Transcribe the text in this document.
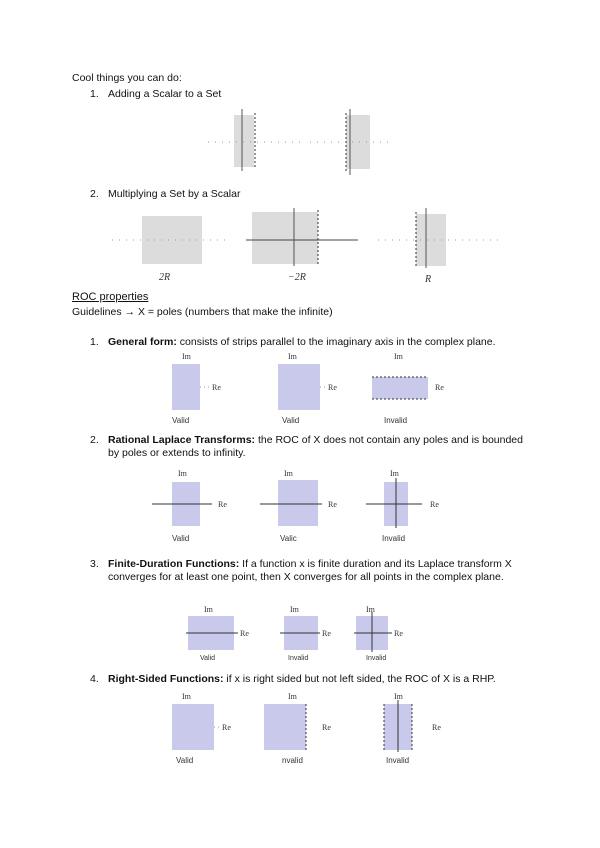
Cool things you can do:
1. Adding a Scalar to a Set
2. Multiplying a Set by a Scalar
2R	−2R	R
ROC properties
Guidelines → X = poles (numbers that make the infinite)
1. General form: consists of strips parallel to the imaginary axis in the complex plane.
Im
Re
Im
Re
Im
Re
Valid	Valid	Invalid
2. Rational Laplace Transforms: the ROC of X does not contain any poles and is bounded by poles or extends to infinity.
Im
Re
Im
Re
Im
Re
Valid	Valic	Invalid
3. Finite-Duration Functions: If a function x is finite duration and its Laplace transform X converges for at least one point, then X converges for all points in the complex plane.
Im
Re
Im
Re
Im
Re
Valid	Invalid	Invalid
4. Right-Sided Functions: if x is right sided but not left sided, the ROC of X is a RHP.
Im
Re
Im
Re
Im
Re
Valid	nvalid	Invalid
